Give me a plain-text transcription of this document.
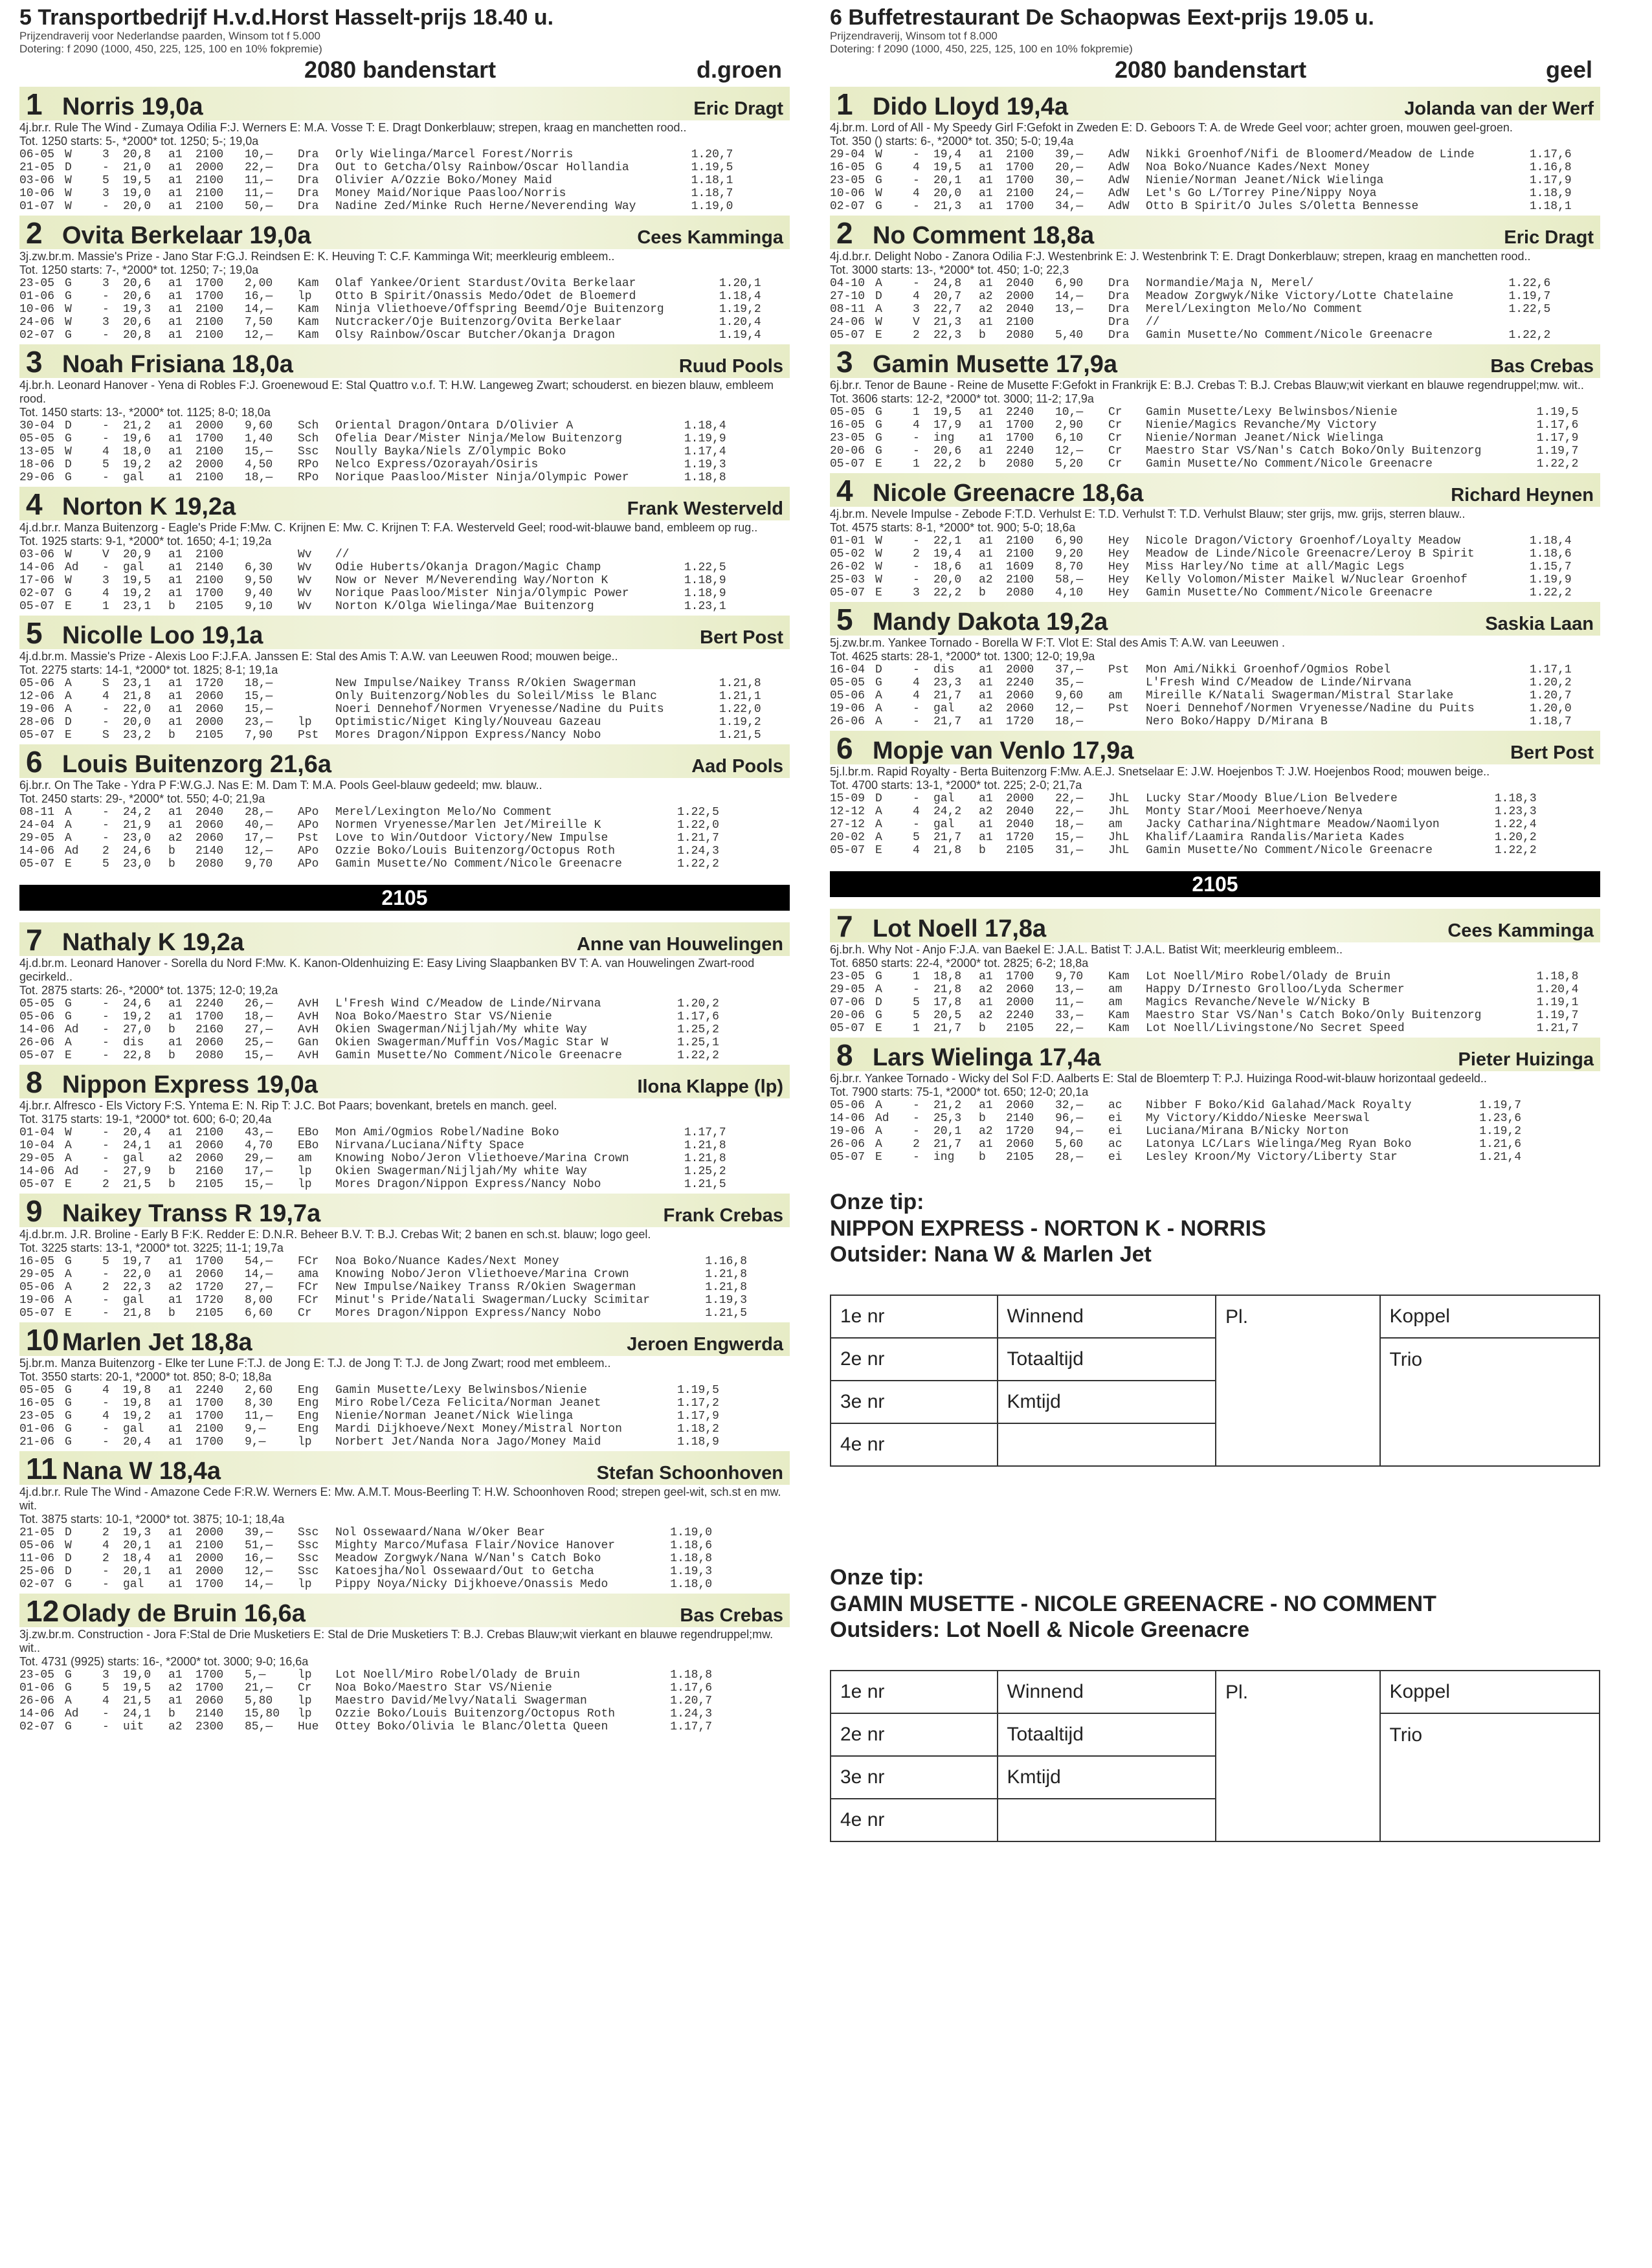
5 Transportbedrijf H.v.d.Horst Hasselt-prijs 18.40 u.
Prijzendraverij voor Nederlandse paarden, Winsom tot f 5.000
Dotering: f 2090 (1000, 450, 225, 125, 100 en 10% fokpremie)
2080 bandenstart	d.groen
1 Norris 19,0a	Eric Dragt
4j.br.r. Rule The Wind - Zumaya Odilia F:J. Werners E: M.A. Vosse T: E. Dragt Donkerblauw; strepen, kraag en manchetten rood..
Tot. 1250 starts: 5-, *2000* tot. 1250; 5-; 19,0a
06-05	W	3	20,8	a1	2100	10,—	Dra	Orly Wielinga/Marcel Forest/Norris	1.20,7
21-05	D	-	21,0	a1	2000	22,—	Dra	Out to Getcha/Olsy Rainbow/Oscar Hollandia	1.19,5
03-06	W	5	19,5	a1	2100	11,—	Dra	Olivier A/Ozzie Boko/Money Maid	1.18,1
10-06	W	3	19,0	a1	2100	11,—	Dra	Money Maid/Norique Paasloo/Norris	1.18,7
01-07	W	-	20,0	a1	2100	50,—	Dra	Nadine Zed/Minke Ruch Herne/Neverending Way	1.19,0
2 Ovita Berkelaar 19,0a	Cees Kamminga
3j.zw.br.m. Massie's Prize - Jano Star F:G.J. Reindsen E: K. Heuving T: C.F. Kamminga Wit; meerkleurig embleem..
Tot. 1250 starts: 7-, *2000* tot. 1250; 7-; 19,0a
23-05	G	3	20,6	a1	1700	2,00	Kam	Olaf Yankee/Orient Stardust/Ovita Berkelaar	1.20,1
01-06	G	-	20,6	a1	1700	16,—	lp	Otto B Spirit/Onassis Medo/Odet de Bloemerd	1.18,4
10-06	W	-	19,3	a1	2100	14,—	Kam	Ninja Vliethoeve/Offspring Beemd/Oje Buitenzorg	1.19,2
24-06	W	3	20,6	a1	2100	7,50	Kam	Nutcracker/Oje Buitenzorg/Ovita Berkelaar	1.20,4
02-07	G	-	20,8	a1	2100	12,—	Kam	Olsy Rainbow/Oscar Butcher/Okanja Dragon	1.19,4
3 Noah Frisiana 18,0a	Ruud Pools
4j.br.h. Leonard Hanover - Yena di Robles F:J. Groenewoud E: Stal Quattro v.o.f. T: H.W. Langeweg Zwart; schouderst. en biezen blauw, embleem rood.
Tot. 1450 starts: 13-, *2000* tot. 1125; 8-0; 18,0a
30-04	D	-	21,2	a1	2000	9,60	Sch	Oriental Dragon/Ontara D/Olivier A	1.18,4
05-05	G	-	19,6	a1	1700	1,40	Sch	Ofelia Dear/Mister Ninja/Melow Buitenzorg	1.19,9
13-05	W	4	18,0	a1	2100	15,—	Ssc	Noully Bayka/Niels Z/Olympic Boko	1.17,4
18-06	D	5	19,2	a2	2000	4,50	RPo	Nelco Express/Ozorayah/Osiris	1.19,3
29-06	G	-	gal	a1	2100	18,—	RPo	Norique Paasloo/Mister Ninja/Olympic Power	1.18,8
4 Norton K 19,2a	Frank Westerveld
4j.d.br.r. Manza Buitenzorg - Eagle's Pride F:Mw. C. Krijnen E: Mw. C. Krijnen T: F.A. Westerveld Geel; rood-wit-blauwe band, embleem op rug..
Tot. 1925 starts: 9-1, *2000* tot. 1650; 4-1; 19,2a
03-06	W	V	20,9	a1	2100		Wv	//	
14-06	Ad	-	gal	a1	2140	6,30	Wv	Odie Huberts/Okanja Dragon/Magic Champ	1.22,5
17-06	W	3	19,5	a1	2100	9,50	Wv	Now or Never M/Neverending Way/Norton K	1.18,9
02-07	G	4	19,2	a1	1700	9,40	Wv	Norique Paasloo/Mister Ninja/Olympic Power	1.18,9
05-07	E	1	23,1	b	2105	9,10	Wv	Norton K/Olga Wielinga/Mae Buitenzorg	1.23,1
5 Nicolle Loo 19,1a	Bert Post
4j.d.br.m. Massie's Prize - Alexis Loo F:J.F.A. Janssen E: Stal des Amis T: A.W. van Leeuwen Rood; mouwen beige..
Tot. 2275 starts: 14-1, *2000* tot. 1825; 8-1; 19,1a
05-06	A	S	23,1	a1	1720	18,—		New Impulse/Naikey Transs R/Okien Swagerman	1.21,8
12-06	A	4	21,8	a1	2060	15,—		Only Buitenzorg/Nobles du Soleil/Miss le Blanc	1.21,1
19-06	A	-	22,0	a1	2060	15,—		Noeri Dennehof/Normen Vryenesse/Nadine du Puits	1.22,0
28-06	D	-	20,0	a1	2000	23,—	lp	Optimistic/Niget Kingly/Nouveau Gazeau	1.19,2
05-07	E	S	23,2	b	2105	7,90	Pst	Mores Dragon/Nippon Express/Nancy Nobo	1.21,5
6 Louis Buitenzorg 21,6a	Aad Pools
6j.br.r. On The Take - Ydra P F:W.G.J. Nas E: M. Dam T: M.A. Pools Geel-blauw gedeeld; mw. blauw..
Tot. 2450 starts: 29-, *2000* tot. 550; 4-0; 21,9a
08-11	A	-	24,2	a1	2040	28,—	APo	Merel/Lexington Melo/No Comment	1.22,5
24-04	A	-	21,9	a1	2060	40,—	APo	Normen Vryenesse/Marlen Jet/Mireille K	1.22,0
29-05	A	-	23,0	a2	2060	17,—	Pst	Love to Win/Outdoor Victory/New Impulse	1.21,7
14-06	Ad	2	24,6	b	2140	12,—	APo	Ozzie Boko/Louis Buitenzorg/Octopus Roth	1.24,3
05-07	E	5	23,0	b	2080	9,70	APo	Gamin Musette/No Comment/Nicole Greenacre	1.22,2
2105
7 Nathaly K 19,2a	Anne van Houwelingen
4j.d.br.m. Leonard Hanover - Sorella du Nord F:Mw. K. Kanon-Oldenhuizing E: Easy Living Slaapbanken BV T: A. van Houwelingen Zwart-rood gecirkeld..
Tot. 2875 starts: 26-, *2000* tot. 1375; 12-0; 19,2a
05-05	G	-	24,6	a1	2240	26,—	AvH	L'Fresh Wind C/Meadow de Linde/Nirvana	1.20,2
05-06	G	-	19,2	a1	1700	18,—	AvH	Noa Boko/Maestro Star VS/Nienie	1.17,6
14-06	Ad	-	27,0	b	2160	27,—	AvH	Okien Swagerman/Nijljah/My white Way	1.25,2
26-06	A	-	dis	a1	2060	25,—	Gan	Okien Swagerman/Muffin Vos/Magic Star W	1.25,1
05-07	E	-	22,8	b	2080	15,—	AvH	Gamin Musette/No Comment/Nicole Greenacre	1.22,2
8 Nippon Express 19,0a	Ilona Klappe (lp)
4j.br.r. Alfresco - Els Victory F:S. Yntema E: N. Rip T: J.C. Bot Paars; bovenkant, bretels en manch. geel.
Tot. 3175 starts: 19-1, *2000* tot. 600; 6-0; 20,4a
01-04	W	-	20,4	a1	2100	43,—	EBo	Mon Ami/Ogmios Robel/Nadine Boko	1.17,7
10-04	A	-	24,1	a1	2060	4,70	EBo	Nirvana/Luciana/Nifty Space	1.21,8
29-05	A	-	gal	a2	2060	29,—	am	Knowing Nobo/Jeron Vliethoeve/Marina Crown	1.21,8
14-06	Ad	-	27,9	b	2160	17,—	lp	Okien Swagerman/Nijljah/My white Way	1.25,2
05-07	E	2	21,5	b	2105	15,—	lp	Mores Dragon/Nippon Express/Nancy Nobo	1.21,5
9 Naikey Transs R 19,7a	Frank Crebas
4j.d.br.m. J.R. Broline - Early B F:K. Redder E: D.N.R. Beheer B.V. T: B.J. Crebas Wit; 2 banen en sch.st. blauw; logo geel.
Tot. 3225 starts: 13-1, *2000* tot. 3225; 11-1; 19,7a
16-05	G	5	19,7	a1	1700	54,—	FCr	Noa Boko/Nuance Kades/Next Money	1.16,8
29-05	A	-	22,0	a1	2060	14,—	ama	Knowing Nobo/Jeron Vliethoeve/Marina Crown	1.21,8
05-06	A	2	22,3	a2	1720	27,—	FCr	New Impulse/Naikey Transs R/Okien Swagerman	1.21,8
19-06	A	-	gal	a1	1720	8,00	FCr	Minut's Pride/Natali Swagerman/Lucky Scimitar	1.19,3
05-07	E	-	21,8	b	2105	6,60	Cr	Mores Dragon/Nippon Express/Nancy Nobo	1.21,5
10 Marlen Jet 18,8a	Jeroen Engwerda
5j.br.m. Manza Buitenzorg - Elke ter Lune F:T.J. de Jong E: T.J. de Jong T: T.J. de Jong Zwart; rood met embleem..
Tot. 3550 starts: 20-1, *2000* tot. 850; 8-0; 18,8a
05-05	G	4	19,8	a1	2240	2,60	Eng	Gamin Musette/Lexy Belwinsbos/Nienie	1.19,5
16-05	G	-	19,8	a1	1700	8,30	Eng	Miro Robel/Ceza Felicita/Norman Jeanet	1.17,2
23-05	G	4	19,2	a1	1700	11,—	Eng	Nienie/Norman Jeanet/Nick Wielinga	1.17,9
01-06	G	-	gal	a1	2100	9,—	Eng	Mardi Dijkhoeve/Next Money/Mistral Norton	1.18,2
21-06	G	-	20,4	a1	1700	9,—	lp	Norbert Jet/Nanda Nora Jago/Money Maid	1.18,9
11 Nana W 18,4a	Stefan Schoonhoven
4j.d.br.r. Rule The Wind - Amazone Cede F:R.W. Werners E: Mw. A.M.T. Mous-Beerling T: H.W. Schoonhoven Rood; strepen geel-wit, sch.st en mw. wit.
Tot. 3875 starts: 10-1, *2000* tot. 3875; 10-1; 18,4a
21-05	D	2	19,3	a1	2000	39,—	Ssc	Nol Ossewaard/Nana W/Oker Bear	1.19,0
05-06	W	4	20,1	a1	2100	51,—	Ssc	Mighty Marco/Mufasa Flair/Novice Hanover	1.18,6
11-06	D	2	18,4	a1	2000	16,—	Ssc	Meadow Zorgwyk/Nana W/Nan's Catch Boko	1.18,8
25-06	D	-	20,1	a1	2000	12,—	Ssc	Katoesjha/Nol Ossewaard/Out to Getcha	1.19,3
02-07	G	-	gal	a1	1700	14,—	lp	Pippy Noya/Nicky Dijkhoeve/Onassis Medo	1.18,0
12 Olady de Bruin 16,6a	Bas Crebas
3j.zw.br.m. Construction - Jora F:Stal de Drie Musketiers E: Stal de Drie Musketiers T: B.J. Crebas Blauw;wit vierkant en blauwe regendruppel;mw. wit..
Tot. 4731 (9925) starts: 16-, *2000* tot. 3000; 9-0; 16,6a
23-05	G	3	19,0	a1	1700	5,—	lp	Lot Noell/Miro Robel/Olady de Bruin	1.18,8
01-06	G	5	19,5	a2	1700	21,—	Cr	Noa Boko/Maestro Star VS/Nienie	1.17,6
26-06	A	4	21,5	a1	2060	5,80	lp	Maestro David/Melvy/Natali Swagerman	1.20,7
14-06	Ad	-	24,1	b	2140	15,80	lp	Ozzie Boko/Louis Buitenzorg/Octopus Roth	1.24,3
02-07	G	-	uit	a2	2300	85,—	Hue	Ottey Boko/Olivia le Blanc/Oletta Queen	1.17,7
6 Buffetrestaurant De Schaopwas Eext-prijs 19.05 u.
Prijzendraverij, Winsom tot f 8.000
Dotering: f 2090 (1000, 450, 225, 125, 100 en 10% fokpremie)
2080 bandenstart	geel
1 Dido Lloyd 19,4a	Jolanda van der Werf
4j.br.m. Lord of All - My Speedy Girl F:Gefokt in Zweden E: D. Geboors T: A. de Wrede Geel voor; achter groen, mouwen geel-groen.
Tot. 350 () starts: 6-, *2000* tot. 350; 5-0; 19,4a
29-04	W	-	19,4	a1	2100	39,—	AdW	Nikki Groenhof/Nifi de Bloomerd/Meadow de Linde	1.17,6
16-05	G	4	19,5	a1	1700	20,—	AdW	Noa Boko/Nuance Kades/Next Money	1.16,8
23-05	G	-	20,1	a1	1700	30,—	AdW	Nienie/Norman Jeanet/Nick Wielinga	1.17,9
10-06	W	4	20,0	a1	2100	24,—	AdW	Let's Go L/Torrey Pine/Nippy Noya	1.18,9
02-07	G	-	21,3	a1	1700	34,—	AdW	Otto B Spirit/O Jules S/Oletta Bennesse	1.18,1
2 No Comment 18,8a	Eric Dragt
4j.d.br.r. Delight Nobo - Zanora Odilia F:J. Westenbrink E: J. Westenbrink T: E. Dragt Donkerblauw; strepen, kraag en manchetten rood..
Tot. 3000 starts: 13-, *2000* tot. 450; 1-0; 22,3
04-10	A	-	24,8	a1	2040	6,90	Dra	Normandie/Maja N, Merel/	1.22,6
27-10	D	4	20,7	a2	2000	14,—	Dra	Meadow Zorgwyk/Nike Victory/Lotte Chatelaine	1.19,7
08-11	A	3	22,7	a2	2040	13,—	Dra	Merel/Lexington Melo/No Comment	1.22,5
24-06	W	V	21,3	a1	2100		Dra	//	
05-07	E	2	22,3	b	2080	5,40	Dra	Gamin Musette/No Comment/Nicole Greenacre	1.22,2
3 Gamin Musette 17,9a	Bas Crebas
6j.br.r. Tenor de Baune - Reine de Musette F:Gefokt in Frankrijk E: B.J. Crebas T: B.J. Crebas Blauw;wit vierkant en blauwe regendruppel;mw. wit..
Tot. 3606 starts: 12-2, *2000* tot. 3000; 11-2; 17,9a
05-05	G	1	19,5	a1	2240	10,—	Cr	Gamin Musette/Lexy Belwinsbos/Nienie	1.19,5
16-05	G	4	17,9	a1	1700	2,90	Cr	Nienie/Magics Revanche/My Victory	1.17,6
23-05	G	-	ing	a1	1700	6,10	Cr	Nienie/Norman Jeanet/Nick Wielinga	1.17,9
20-06	G	-	20,6	a1	2240	12,—	Cr	Maestro Star VS/Nan's Catch Boko/Only Buitenzorg	1.19,7
05-07	E	1	22,2	b	2080	5,20	Cr	Gamin Musette/No Comment/Nicole Greenacre	1.22,2
4 Nicole Greenacre 18,6a	Richard Heynen
4j.br.m. Nevele Impulse - Zebode F:T.D. Verhulst E: T.D. Verhulst T: T.D. Verhulst Blauw; ster grijs, mw. grijs, sterren blauw..
Tot. 4575 starts: 8-1, *2000* tot. 900; 5-0; 18,6a
01-01	W	-	22,1	a1	2100	6,90	Hey	Nicole Dragon/Victory Groenhof/Loyalty Meadow	1.18,4
05-02	W	2	19,4	a1	2100	9,20	Hey	Meadow de Linde/Nicole Greenacre/Leroy B Spirit	1.18,6
26-02	W	-	18,6	a1	1609	8,70	Hey	Miss Harley/No time at all/Magic Legs	1.15,7
25-03	W	-	20,0	a2	2100	58,—	Hey	Kelly Volomon/Mister Maikel W/Nuclear Groenhof	1.19,9
05-07	E	3	22,2	b	2080	4,10	Hey	Gamin Musette/No Comment/Nicole Greenacre	1.22,2
5 Mandy Dakota 19,2a	Saskia Laan
5j.zw.br.m. Yankee Tornado - Borella W F:T. Vlot E: Stal des Amis T: A.W. van Leeuwen .
Tot. 4625 starts: 28-1, *2000* tot. 1300; 12-0; 19,9a
16-04	D	-	dis	a1	2000	37,—	Pst	Mon Ami/Nikki Groenhof/Ogmios Robel	1.17,1
05-05	G	4	23,3	a1	2240	35,—		L'Fresh Wind C/Meadow de Linde/Nirvana	1.20,2
05-06	A	4	21,7	a1	2060	9,60	am	Mireille K/Natali Swagerman/Mistral Starlake	1.20,7
19-06	A	-	gal	a2	2060	12,—	Pst	Noeri Dennehof/Normen Vryenesse/Nadine du Puits	1.20,0
26-06	A	-	21,7	a1	1720	18,—		Nero Boko/Happy D/Mirana B	1.18,7
6 Mopje van Venlo 17,9a	Bert Post
5j.l.br.m. Rapid Royalty - Berta Buitenzorg F:Mw. A.E.J. Snetselaar E: J.W. Hoejenbos T: J.W. Hoejenbos Rood; mouwen beige..
Tot. 4700 starts: 13-1, *2000* tot. 225; 2-0; 21,7a
15-09	D	-	gal	a1	2000	22,—	JhL	Lucky Star/Moody Blue/Lion Belvedere	1.18,3
12-12	A	4	24,2	a2	2040	22,—	JhL	Monty Star/Mooi Meerhoeve/Nenya	1.23,3
27-12	A	-	gal	a1	2040	18,—	am	Jacky Catharina/Nightmare Meadow/Naomilyon	1.22,4
20-02	A	5	21,7	a1	1720	15,—	JhL	Khalif/Laamira Randalis/Marieta Kades	1.20,2
05-07	E	4	21,8	b	2105	31,—	JhL	Gamin Musette/No Comment/Nicole Greenacre	1.22,2
2105
7 Lot Noell 17,8a	Cees Kamminga
6j.br.h. Why Not - Anjo F:J.A. van Baekel E: J.A.L. Batist T: J.A.L. Batist Wit; meerkleurig embleem..
Tot. 6850 starts: 22-4, *2000* tot. 2825; 6-2; 18,8a
23-05	G	1	18,8	a1	1700	9,70	Kam	Lot Noell/Miro Robel/Olady de Bruin	1.18,8
29-05	A	-	21,8	a2	2060	13,—	am	Happy D/Irnesto Grolloo/Lyda Schermer	1.20,4
07-06	D	5	17,8	a1	2000	11,—	am	Magics Revanche/Nevele W/Nicky B	1.19,1
20-06	G	5	20,5	a2	2240	33,—	Kam	Maestro Star VS/Nan's Catch Boko/Only Buitenzorg	1.19,7
05-07	E	1	21,7	b	2105	22,—	Kam	Lot Noell/Livingstone/No Secret Speed	1.21,7
8 Lars Wielinga 17,4a	Pieter Huizinga
6j.br.r. Yankee Tornado - Wicky del Sol F:D. Aalberts E: Stal de Bloemterp T: P.J. Huizinga Rood-wit-blauw horizontaal gedeeld..
Tot. 7900 starts: 75-1, *2000* tot. 650; 12-0; 20,1a
05-06	A	-	21,2	a1	2060	32,—	ac	Nibber F Boko/Kid Galahad/Mack Royalty	1.19,7
14-06	Ad	-	25,3	b	2140	96,—	ei	My Victory/Kiddo/Nieske Meerswal	1.23,6
19-06	A	-	20,1	a2	1720	94,—	ei	Luciana/Mirana B/Nicky Norton	1.19,2
26-06	A	2	21,7	a1	2060	5,60	ac	Latonya LC/Lars Wielinga/Meg Ryan Boko	1.21,6
05-07	E	-	ing	b	2105	28,—	ei	Lesley Kroon/My Victory/Liberty Star	1.21,4
Onze tip:
NIPPON EXPRESS - NORTON K - NORRIS
Outsider: Nana W & Marlen Jet
1e nr	Winnend	Pl.	Koppel
2e nr	Totaaltijd		Trio
3e nr	Kmtijd		
4e nr			
Onze tip:
GAMIN MUSETTE - NICOLE GREENACRE - NO COMMENT
Outsiders: Lot Noell & Nicole Greenacre
1e nr	Winnend	Pl.	Koppel
2e nr	Totaaltijd		Trio
3e nr	Kmtijd		
4e nr			
